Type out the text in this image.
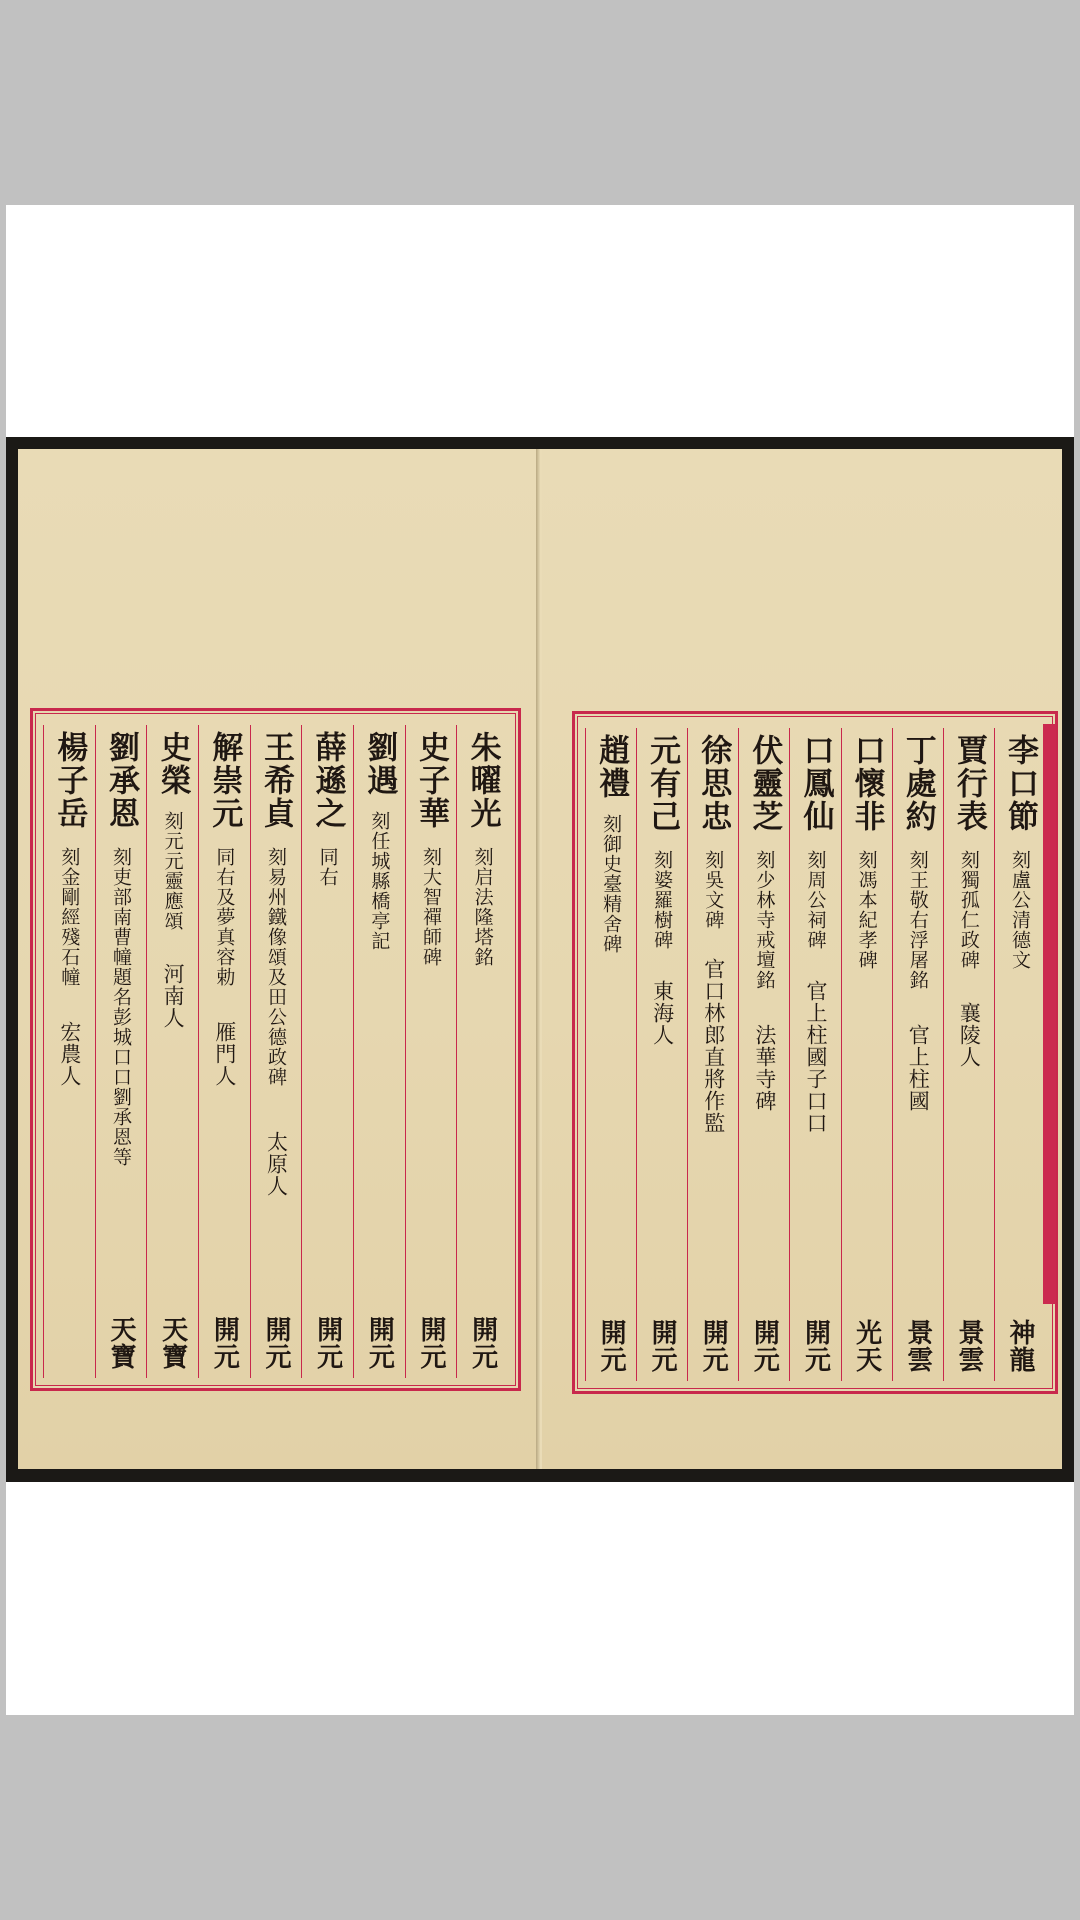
朱曜光
刻启法隆塔銘
開元
史子華
刻大智禪師碑
開元
劉遇
刻任城縣橋亭記
開元
薛遜之
同右
開元
王希貞
刻易州鐵像頌及田公德政碑
太原人
開元
解崇元
同右及夢真容勅
雁門人
開元
史榮
刻元元靈應頌
河南人
天寶
劉承恩
刻吏部南曹幢題名彭城口口劉承恩等
天寶
楊子岳
刻金剛經殘石幢
宏農人
李口節
刻盧公清德文
神龍
賈行表
刻獨孤仁政碑
襄陵人
景雲
丁處約
刻王敬右浮屠銘
官上柱國
景雲
口懷非
刻馮本紀孝碑
光天
口鳳仙
刻周公祠碑
官上柱國子口口
開元
伏靈芝
刻少林寺戒壇銘
法華寺碑
開元
徐思忠
刻吳文碑
官口林郎直將作監
開元
元有己
刻婆羅樹碑
東海人
開元
趙禮
刻御史臺精舍碑
開元
